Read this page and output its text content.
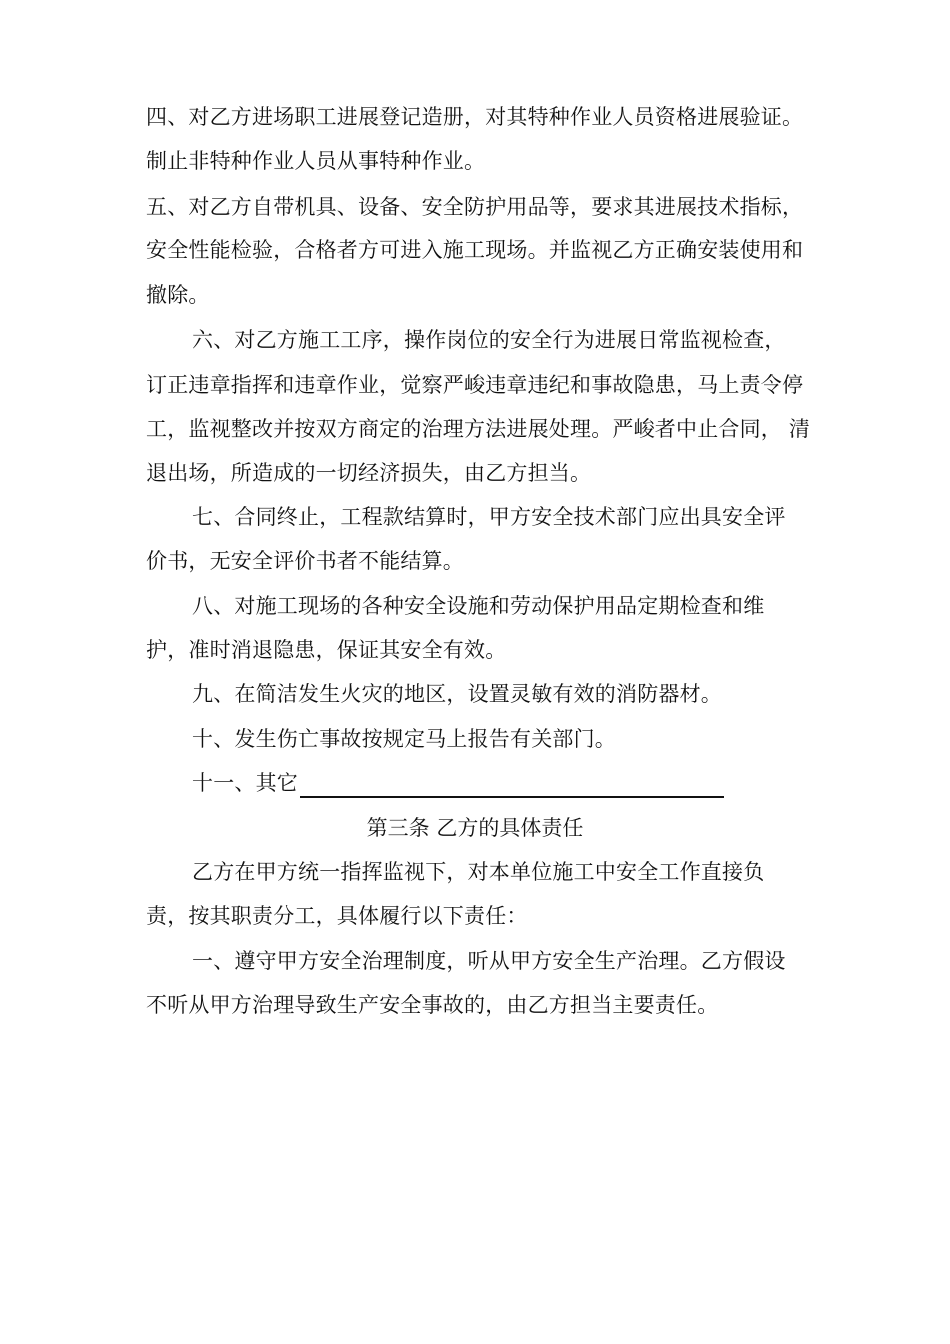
四、对乙方进场职工进展登记造册，对其特种作业人员资格进展验证。
制止非特种作业人员从事特种作业。
五、对乙方自带机具、设备、安全防护用品等，要求其进展技术指标，
安全性能检验，合格者方可进入施工现场。并监视乙方正确安装使用和
撤除。
六、对乙方施工工序，操作岗位的安全行为进展日常监视检查，
订正违章指挥和违章作业，觉察严峻违章违纪和事故隐患，马上责令停
工，监视整改并按双方商定的治理方法进展处理。严峻者中止合同， 清
退出场，所造成的一切经济损失，由乙方担当。
七、合同终止，工程款结算时，甲方安全技术部门应出具安全评
价书，无安全评价书者不能结算。
八、对施工现场的各种安全设施和劳动保护用品定期检查和维
护，准时消退隐患，保证其安全有效。
九、在简洁发生火灾的地区，设置灵敏有效的消防器材。
十、发生伤亡事故按规定马上报告有关部门。
十一、其它
第三条 乙方的具体责任
乙方在甲方统一指挥监视下，对本单位施工中安全工作直接负
责，按其职责分工，具体履行以下责任：
一、遵守甲方安全治理制度，听从甲方安全生产治理。乙方假设
不听从甲方治理导致生产安全事故的，由乙方担当主要责任。
